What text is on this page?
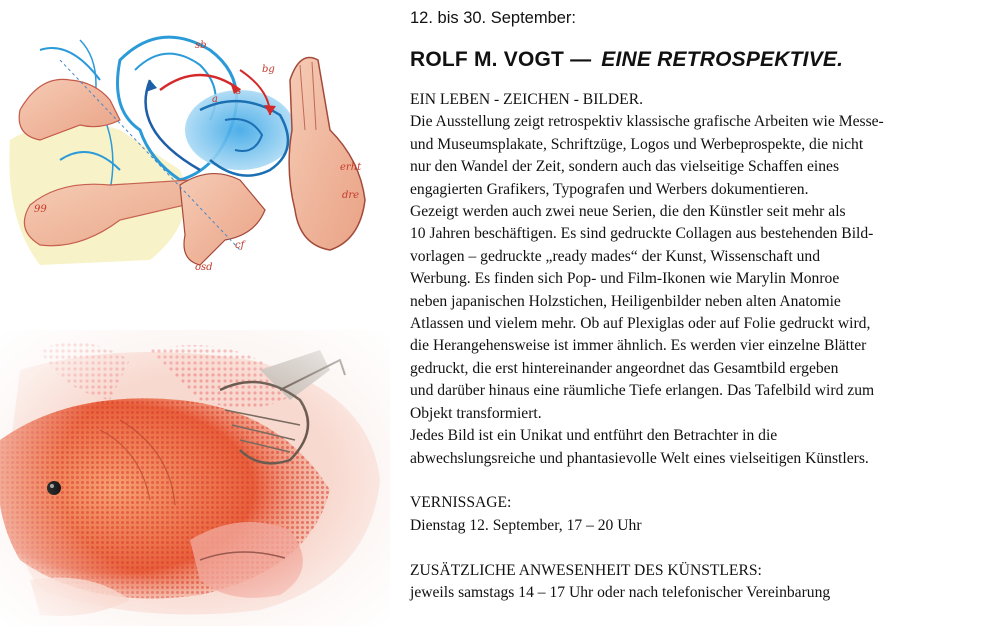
sb
bg
a
s
99
osd
cf
erht
dre

12. bis 30. September:

ROLF M. VOGT — EINE RETROSPEKTIVE.
EIN LEBEN - ZEICHEN - BILDER.
Die Ausstellung zeigt retrospektiv klassische grafische Arbeiten wie Messe-
und Museumsplakate, Schriftzüge, Logos und Werbeprospekte, die nicht
nur den Wandel der Zeit, sondern auch das vielseitige Schaffen eines
engagierten Grafikers, Typografen und Werbers dokumentieren.
Gezeigt werden auch zwei neue Serien, die den Künstler seit mehr als
10 Jahren beschäftigen. Es sind gedruckte Collagen aus bestehenden Bild-
vorlagen – gedruckte „ready mades“ der Kunst, Wissenschaft und
Werbung. Es finden sich Pop- und Film-Ikonen wie Marylin Monroe
neben japanischen Holzstichen, Heiligenbilder neben alten Anatomie
Atlassen und vielem mehr. Ob auf Plexiglas oder auf Folie gedruckt wird,
die Herangehensweise ist immer ähnlich. Es werden vier einzelne Blätter
gedruckt, die erst hintereinander angeordnet das Gesamtbild ergeben
und darüber hinaus eine räumliche Tiefe erlangen. Das Tafelbild wird zum
Objekt transformiert.
Jedes Bild ist ein Unikat und entführt den Betrachter in die
abwechslungsreiche und phantasievolle Welt eines vielseitigen Künstlers.
VERNISSAGE:
Dienstag 12. September, 17 – 20 Uhr
ZUSÄTZLICHE ANWESENHEIT DES KÜNSTLERS:
jeweils samstags 14 – 17 Uhr oder nach telefonischer Vereinbarung
